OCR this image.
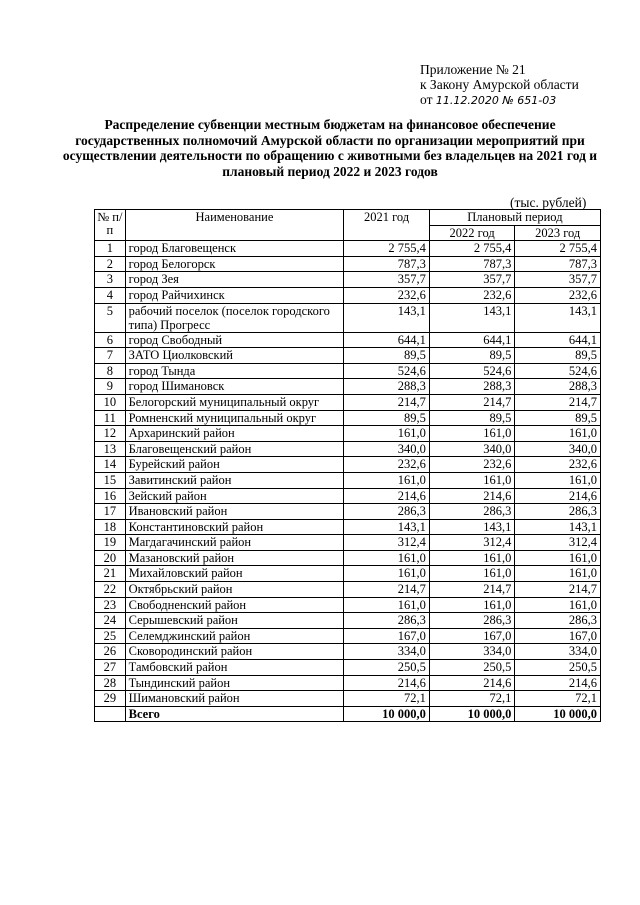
Приложение № 21
к Закону Амурской области
от 11.12.2020 № 651-03
Распределение субвенции местным бюджетам на финансовое обеспечение государственных полномочий Амурской области по организации мероприятий при осуществлении деятельности по обращению с животными без владельцев на 2021 год и плановый период 2022 и 2023 годов
(тыс. рублей)
№ п/п	Наименование	2021 год	Плановый период	
			2022 год	2023 год
1	город Благовещенск	2 755,4	2 755,4	2 755,4
2	город Белогорск	787,3	787,3	787,3
3	город Зея	357,7	357,7	357,7
4	город Райчихинск	232,6	232,6	232,6
5	рабочий поселок (поселок городского типа) Прогресс	143,1	143,1	143,1
6	город Свободный	644,1	644,1	644,1
7	ЗАТО Циолковский	89,5	89,5	89,5
8	город Тында	524,6	524,6	524,6
9	город Шимановск	288,3	288,3	288,3
10	Белогорский муниципальный округ	214,7	214,7	214,7
11	Ромненский муниципальный округ	89,5	89,5	89,5
12	Архаринский район	161,0	161,0	161,0
13	Благовещенский район	340,0	340,0	340,0
14	Бурейский район	232,6	232,6	232,6
15	Завитинский район	161,0	161,0	161,0
16	Зейский район	214,6	214,6	214,6
17	Ивановский район	286,3	286,3	286,3
18	Константиновский район	143,1	143,1	143,1
19	Магдагачинский район	312,4	312,4	312,4
20	Мазановский район	161,0	161,0	161,0
21	Михайловский район	161,0	161,0	161,0
22	Октябрьский район	214,7	214,7	214,7
23	Свободненский район	161,0	161,0	161,0
24	Серышевский район	286,3	286,3	286,3
25	Селемджинский район	167,0	167,0	167,0
26	Сковородинский район	334,0	334,0	334,0
27	Тамбовский район	250,5	250,5	250,5
28	Тындинский район	214,6	214,6	214,6
29	Шимановский район	72,1	72,1	72,1
	Всего	10 000,0	10 000,0	10 000,0
